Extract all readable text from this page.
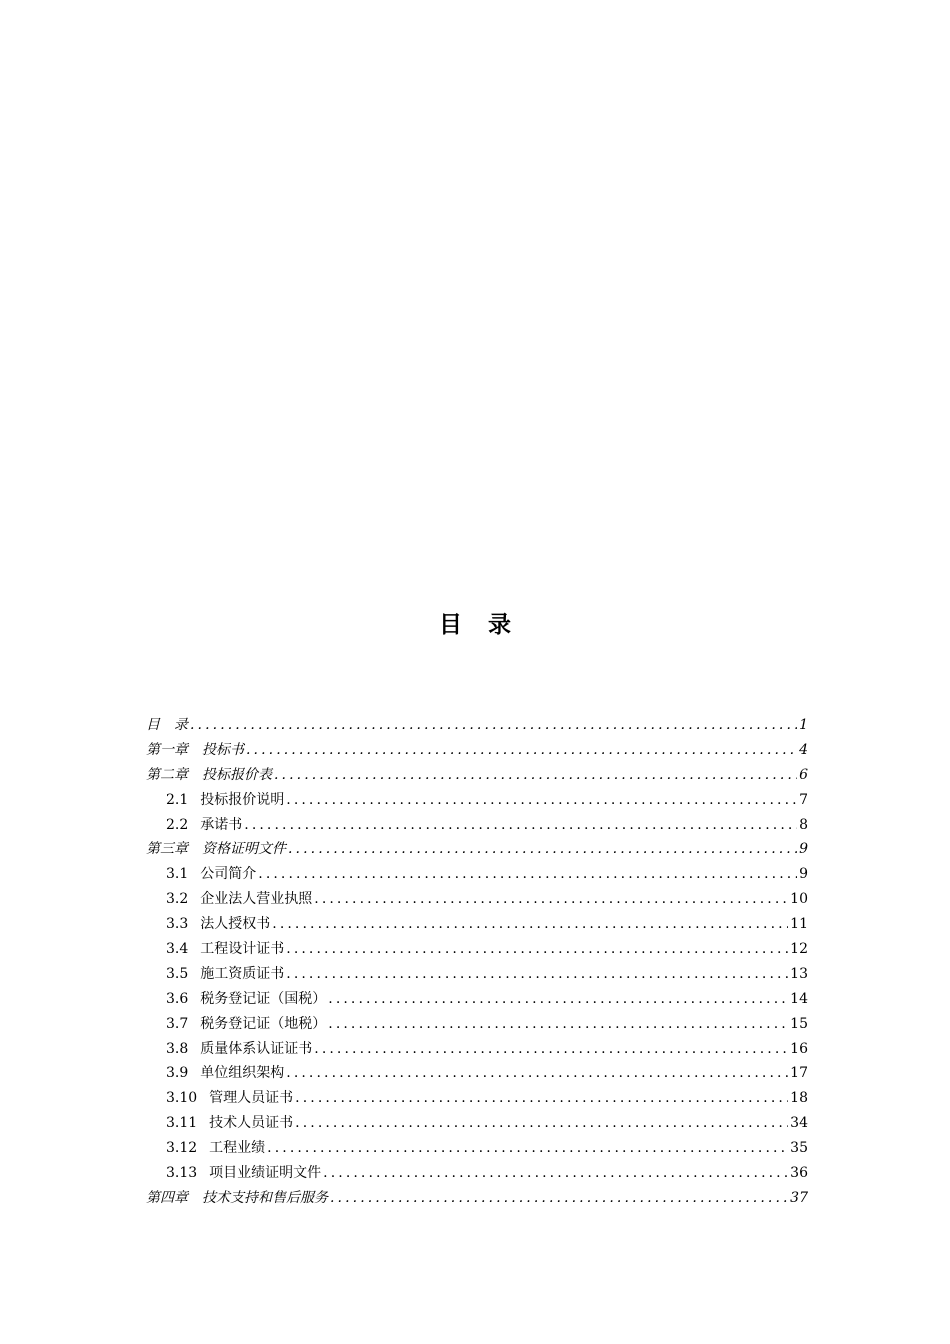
目 录
目 录 .....	1
第一章 投标书 .....	4
第二章 投标报价表 .....	6
2.1 投标报价说明 .....	7
2.2 承诺书 .....	8
第三章 资格证明文件 .....	9
3.1 公司简介 .....	9
3.2 企业法人营业执照 .....	10
3.3 法人授权书 .....	11
3.4 工程设计证书 .....	12
3.5 施工资质证书 .....	13
3.6 税务登记证（国税） .....	14
3.7 税务登记证（地税） .....	15
3.8 质量体系认证证书 .....	16
3.9 单位组织架构 .....	17
3.10 管理人员证书 .....	18
3.11 技术人员证书 .....	34
3.12 工程业绩 .....	35
3.13 项目业绩证明文件 .....	36
第四章 技术支持和售后服务 .....	37
